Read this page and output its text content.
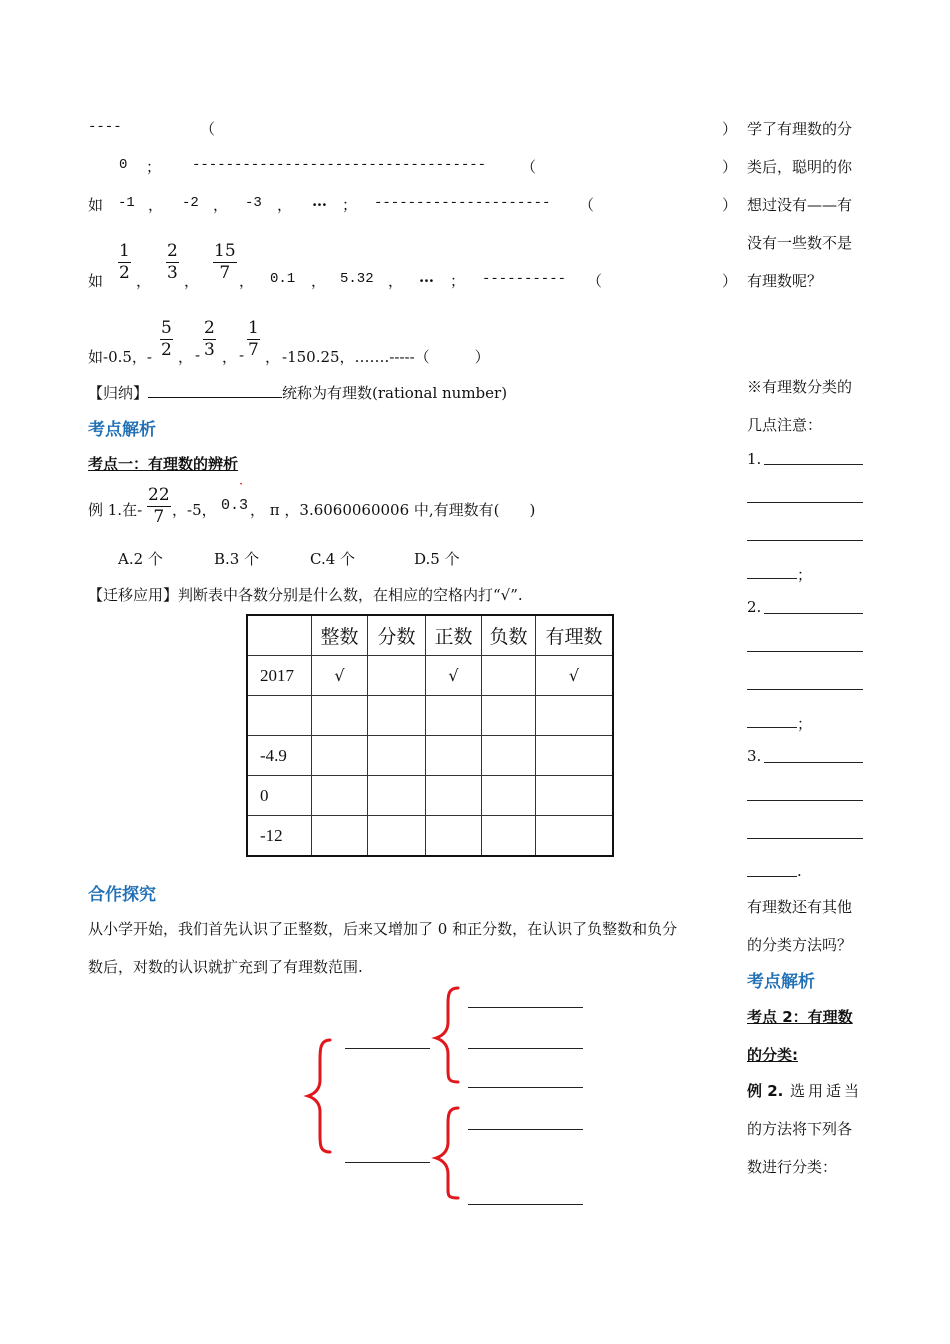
----	（	）
0 ； ----------------------------------- （	）
如 -1 ， -2 ， -3 ， … ； --------------------- （	）
如 $\frac{1}{2}$ ， $\frac{2}{3}$ ， $\frac{15}{7}$ ， 0.1 ， 5.32 ， … ； ---------- （	）
如-0.5，- $\frac{5}{2}$ ， - $\frac{2}{3}$ ， - $\frac{1}{7}$ ， -150.25，…….-----（　　　）
【归纳】	统称为有理数(rational number)
考点解析
考点一：有理数的辨析
例 1.在- $\frac{22}{7}$ ，-5，
·
0.3 ， π ，3.6060060006 中,有理数有(　　)
A.2 个	B.3 个	C.4 个	D.5 个
【迁移应用】判断表中各数分别是什么数，在相应的空格内打“√”.
	整数	分数	正数	负数	有理数
2017	√		√		√

-4.9					
0					
-12					
合作探究
从小学开始，我们首先认识了正整数，后来又增加了 0 和正分数，在认识了负整数和负分
数后，对数的认识就扩充到了有理数范围.
学了有理数的分
类后，聪明的你
想过没有——有
没有一些数不是
有理数呢？
※有理数分类的
几点注意：
1.
；
2.
；
3.
.
有理数还有其他
的分类方法吗？
考点解析
考点 2：有理数
的分类:
例 2. 选用适当
的方法将下列各
数进行分类：
